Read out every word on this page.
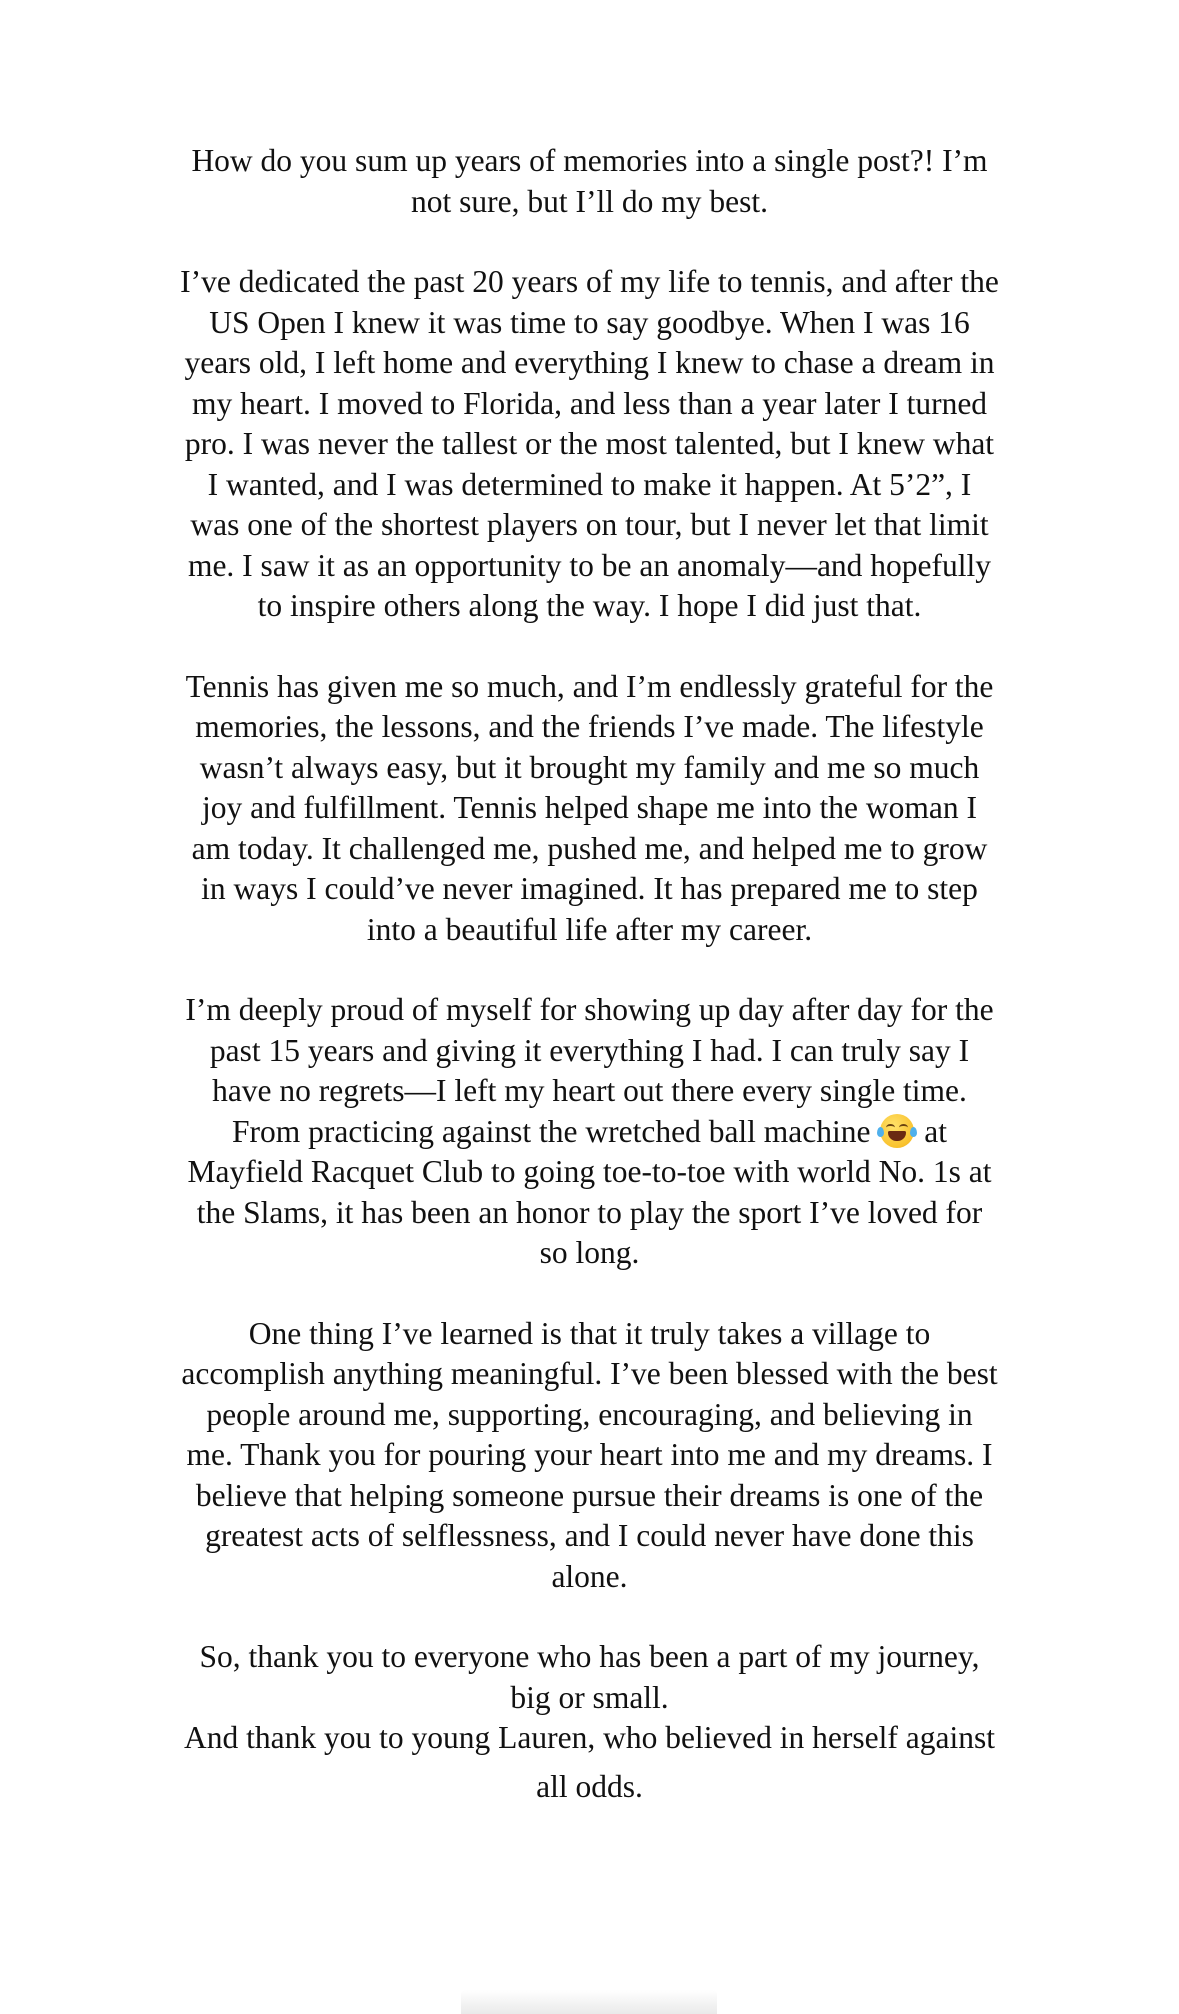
How do you sum up years of memories into a single post?! I’m
not sure, but I’ll do my best.

I’ve dedicated the past 20 years of my life to tennis, and after the
US Open I knew it was time to say goodbye. When I was 16
years old, I left home and everything I knew to chase a dream in
my heart. I moved to Florida, and less than a year later I turned
pro. I was never the tallest or the most talented, but I knew what
I wanted, and I was determined to make it happen. At 5’2”, I
was one of the shortest players on tour, but I never let that limit
me. I saw it as an opportunity to be an anomaly—and hopefully
to inspire others along the way. I hope I did just that.

Tennis has given me so much, and I’m endlessly grateful for the
memories, the lessons, and the friends I’ve made. The lifestyle
wasn’t always easy, but it brought my family and me so much
joy and fulfillment. Tennis helped shape me into the woman I
am today. It challenged me, pushed me, and helped me to grow
in ways I could’ve never imagined. It has prepared me to step
into a beautiful life after my career.

I’m deeply proud of myself for showing up day after day for the
past 15 years and giving it everything I had. I can truly say I
have no regrets—I left my heart out there every single time.
From practicing against the wretched ball machine at
Mayfield Racquet Club to going toe-to-toe with world No. 1s at
the Slams, it has been an honor to play the sport I’ve loved for
so long.

One thing I’ve learned is that it truly takes a village to
accomplish anything meaningful. I’ve been blessed with the best
people around me, supporting, encouraging, and believing in
me. Thank you for pouring your heart into me and my dreams. I
believe that helping someone pursue their dreams is one of the
greatest acts of selflessness, and I could never have done this
alone.

So, thank you to everyone who has been a part of my journey,
big or small.
And thank you to young Lauren, who believed in herself against
all odds.
